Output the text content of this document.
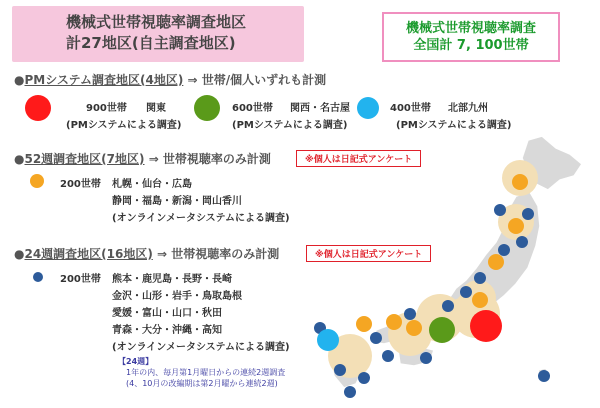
機械式世帯視聴率調査地区
計27地区(自主調査地区)
機械式世帯視聴率調査
全国計 7, 100世帯
●PMシステム調査地区(4地区) ⇒ 世帯/個人いずれも計測
900世帯 関東
(PMシステムによる調査)
600世帯 関西・名古屋
(PMシステムによる調査)
400世帯 北部九州
(PMシステムによる調査)
●52週調査地区(7地区) ⇒ 世帯視聴率のみ計測	※個人は日記式アンケート
200世帯 札幌・仙台・広島
静岡・福島・新潟・岡山香川
(オンラインメータシステムによる調査)
●24週調査地区(16地区) ⇒ 世帯視聴率のみ計測	※個人は日記式アンケート
200世帯 熊本・鹿児島・長野・長崎
金沢・山形・岩手・鳥取島根
愛媛・富山・山口・秋田
青森・大分・沖縄・高知
(オンラインメータシステムによる調査)
【24週】
1年の内、毎月第1月曜日からの連続2週調査
(4、10月の改編期は第2月曜から連続2週)
